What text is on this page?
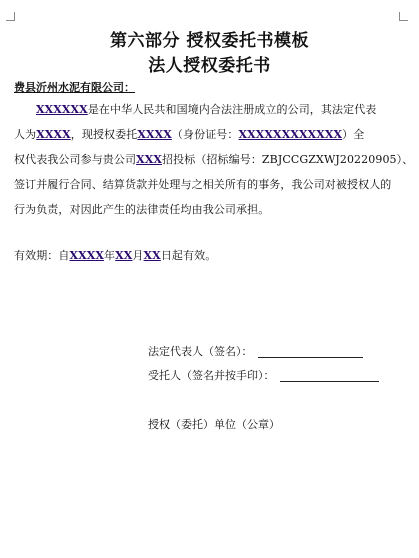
第六部分 授权委托书模板
法人授权委托书
费县沂州水泥有限公司：
XXXXXX是在中华人民共和国境内合法注册成立的公司，其法定代表
人为XXXX，现授权委托XXXX（身份证号：XXXXXXXXXXXX）全
权代表我公司参与贵公司XXX招投标（招标编号：ZBJCCGZXWJ20220905）、
签订并履行合同、结算货款并处理与之相关所有的事务，我公司对被授权人的
行为负责，对因此产生的法律责任均由我公司承担。
有效期：自XXXX年XX月XX日起有效。
法定代表人（签名）：
受托人（签名并按手印）：
授权（委托）单位（公章）
